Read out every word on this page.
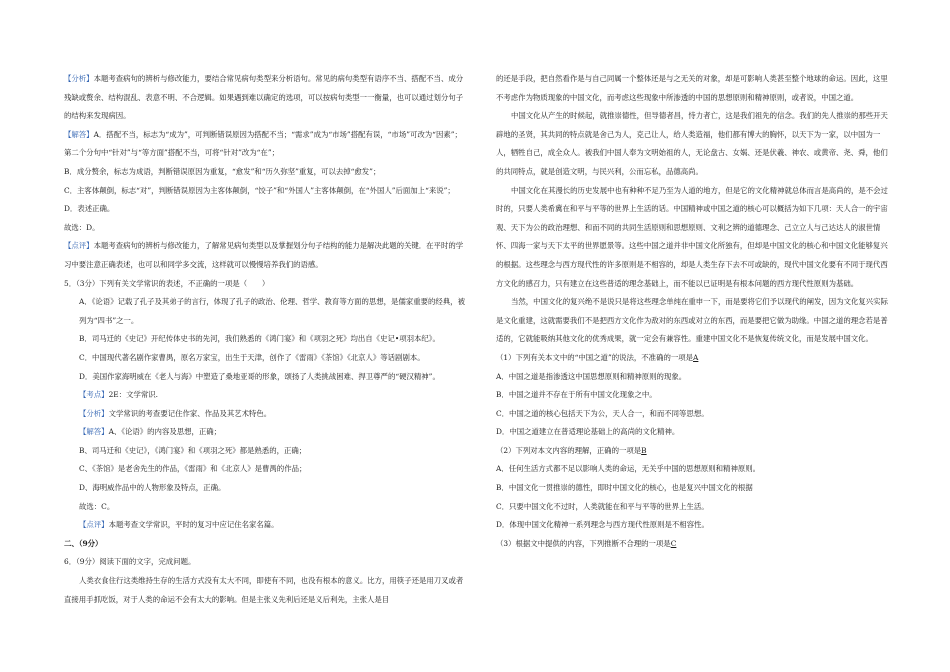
【分析】本题考查病句的辨析与修改能力，要结合常见病句类型来分析语句。常见的病句类型有语序不当、搭配不当、成分残缺或赘余、结构混乱、表意不明、不合逻辑。如果遇到难以确定的选项，可以按病句类型一一衡量，也可以通过划分句子的结构来发现病因。

【解答】A．搭配不当，标志为“成为”，可判断错误原因为搭配不当；“需求”成为“市场”搭配有误，“市场”可改为“因素”；第二个分句中“针对”与“等方面”搭配不当，可将“针对”改为“在”；

B．成分赘余，标志为成语，判断错误原因为重复，“愈发”和“历久弥坚”重复，可以去掉“愈发”；

C．主客体颠倒，标志“对”，判断错误原因为主客体颠倒，“饺子”和“外国人”主客体颠倒，在“外国人”后面加上“来说”；

D．表述正确。

故选：D。

【点评】本题考查病句的辨析与修改能力，了解常见病句类型以及掌握划分句子结构的能力是解决此题的关键．在平时的学习中要注意正确表述，也可以和同学多交流，这样就可以慢慢培养我们的语感。

5．（3分）下列有关文学常识的表述，不正确的一项是（　　）

A．《论语》记载了孔子及其弟子的言行，体现了孔子的政治、伦理、哲学、教育等方面的思想，是儒家重要的经典，被列为“四书”之一。

B．司马迁的《史记》开纪传体史书的先河，我们熟悉的《鸿门宴》和《项羽之死》均出自《史记•项羽本纪》。

C．中国现代著名剧作家曹禺，原名万家宝，出生于天津，创作了《雷雨》《茶馆》《北京人》等话剧剧本。

D．美国作家海明威在《老人与海》中塑造了桑地亚哥的形象，颂扬了人类挑战困难、捍卫尊严的“硬汉精神”。

【考点】2E：文学常识.

【分析】文学常识的考查要记住作家、作品及其艺术特色。

【解答】A、《论语》的内容及思想，正确；

B、司马迁和《史记》，《鸿门宴》和《项羽之死》都是熟悉的，正确；

C、《茶馆》是老舍先生的作品，《雷雨》和《北京人》是曹禺的作品；

D、海明威作品中的人物形象及特点，正确。

故选：C。

【点评】本题考查文学常识，平时的复习中应记住名家名篇。

二、（9分）

6．（9分）阅读下面的文字，完成问题。

人类衣食住行这类维持生存的生活方式没有太大不同，即使有不同，也没有根本的意义。比方，用筷子还是用刀叉或者直接用手抓吃饭，对于人类的命运不会有太大的影响。但是主张义先利后还是义后利先，主张人是目

的还是手段，把自然看作是与自己同属一个整体还是与之无关的对象，却是可影响人类甚至整个地球的命运。因此，这里不考虑作为物质现象的中国文化，而考虑这些现象中所渗透的中国的思想原则和精神原则，或者说，中国之道。

中国文化从产生的时候起，就推崇德性，但导德者昌，恃力者亡，这是我们祖先的信念。我们的先人推崇的那些开天辟地的圣贤，其共同的特点就是舍己为人，克己让人，给人类造福，他们都有博大的胸怀，以天下为一家，以中国为一人，牺牲自己，成全众人。被我们中国人奉为文明始祖的人，无论盘古、女娲、还是伏羲、神农、或黄帝、尧、舜，他们的共同特点，就是创造文明，与民兴利，公而忘私，品德高尚。

中国文化在其漫长的历史发展中也有种种不足乃至为人道的地方，但是它的文化精神就总体而言是高尚的，是不会过时的，只要人类希冀在和平与平等的世界上生活的话。中国精神或中国之道的核心可以概括为如下几项：天人合一的宇宙观、天下为公的政治理想、和而不同的共同生活原则和思想原则、文利之辨的道德理念、己立立人与己达达人的淑世情怀、四海一家与天下太平的世界愿景等。这些中国之道并非中国文化所独有，但却是中国文化的核心和中国文化能够复兴的根据。这些理念与西方现代性的许多原则是不相容的，却是人类生存下去不可或缺的，现代中国文化要有不同于现代西方文化的感召力，只有建立在这些普适的理念基础上，而不能以已证明是有根本问题的西方现代性原则为基础。

当然，中国文化的复兴绝不是说只是将这些理念单纯在重申一下，而是要将它们予以现代的阐发，因为文化复兴实际是文化重建，这就需要我们不是把西方文化作为敌对的东西或对立的东西，而是要把它做为助缘。中国之道的理念若是普适的，它就能吸纳其他文化的优秀成果，就一定会有兼容性。重建中国文化不是恢复传统文化，而是发展中国文化。

（1）下列有关本文中的“中国之道”的说法，不准确的一项是A

A．中国之道是指渗透这中国思想原则和精神原则的现象。

B．中国之道并不存在于所有中国文化现象之中。

C．中国之道的核心包括天下为公，天人合一，和而不同等思想。

D．中国之道建立在普适理论基础上的高尚的文化精神。

（2）下列对本文内容的理解，正确的一项是B

A．任何生活方式都不足以影响人类的命运，无关乎中国的思想原则和精神原则。

B．中国文化一贯推崇的德性，即时中国文化的核心，也是复兴中国文化的根据

C．只要中国文化不过时，人类就能在和平与平等的世界上生活。

D．体现中国文化精神一系列理念与西方现代性原则是不相容性。

（3）根据文中提供的内容，下列推断不合理的一项是C
